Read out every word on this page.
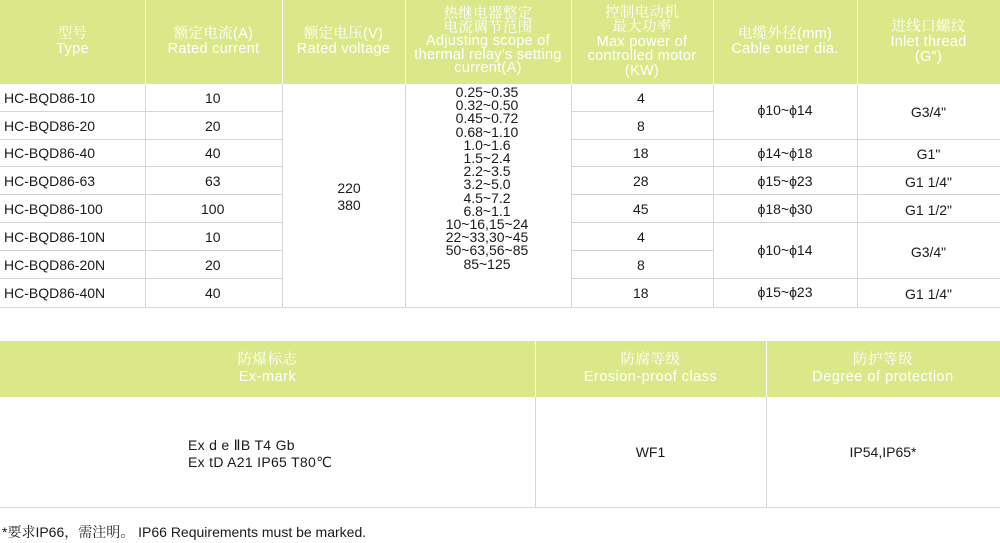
型号
Type
额定电流(A)
Rated current
额定电压(V)
Rated voltage
热继电器整定
电流调节范围
Adjusting scope of
thermal relay's setting
current(A)
控制电动机
最大功率
Max power of
controlled motor
(KW)
电缆外径(mm)
Cable outer dia.
进线口螺纹
Inlet thread
(G")
HC-BQD86-10
HC-BQD86-20
HC-BQD86-40
HC-BQD86-63
HC-BQD86-100
HC-BQD86-10N
HC-BQD86-20N
HC-BQD86-40N
10
20
40
63
100
10
20
40
220
380
0.25~0.35
0.32~0.50
0.45~0.72
0.68~1.10
1.0~1.6
1.5~2.4
2.2~3.5
3.2~5.0
4.5~7.2
6.8~1.1
10~16,15~24
22~33,30~45
50~63,56~85
85~125
4
8
18
28
45
4
8
18
ϕ10~ϕ14
ϕ14~ϕ18
ϕ15~ϕ23
ϕ18~ϕ30
ϕ10~ϕ14
ϕ15~ϕ23
G3/4"
G1"
G1 1/4"
G1 1/2"
G3/4"
G1 1/4"
防爆标志
Ex-mark
防腐等级
Erosion-proof class
防护等级
Degree of protection
Ex d e ⅡB T4 Gb
Ex tD A21 IP65 T80℃
WF1	IP54,IP65*
*要求IP66，需注明。 IP66 Requirements must be marked.
